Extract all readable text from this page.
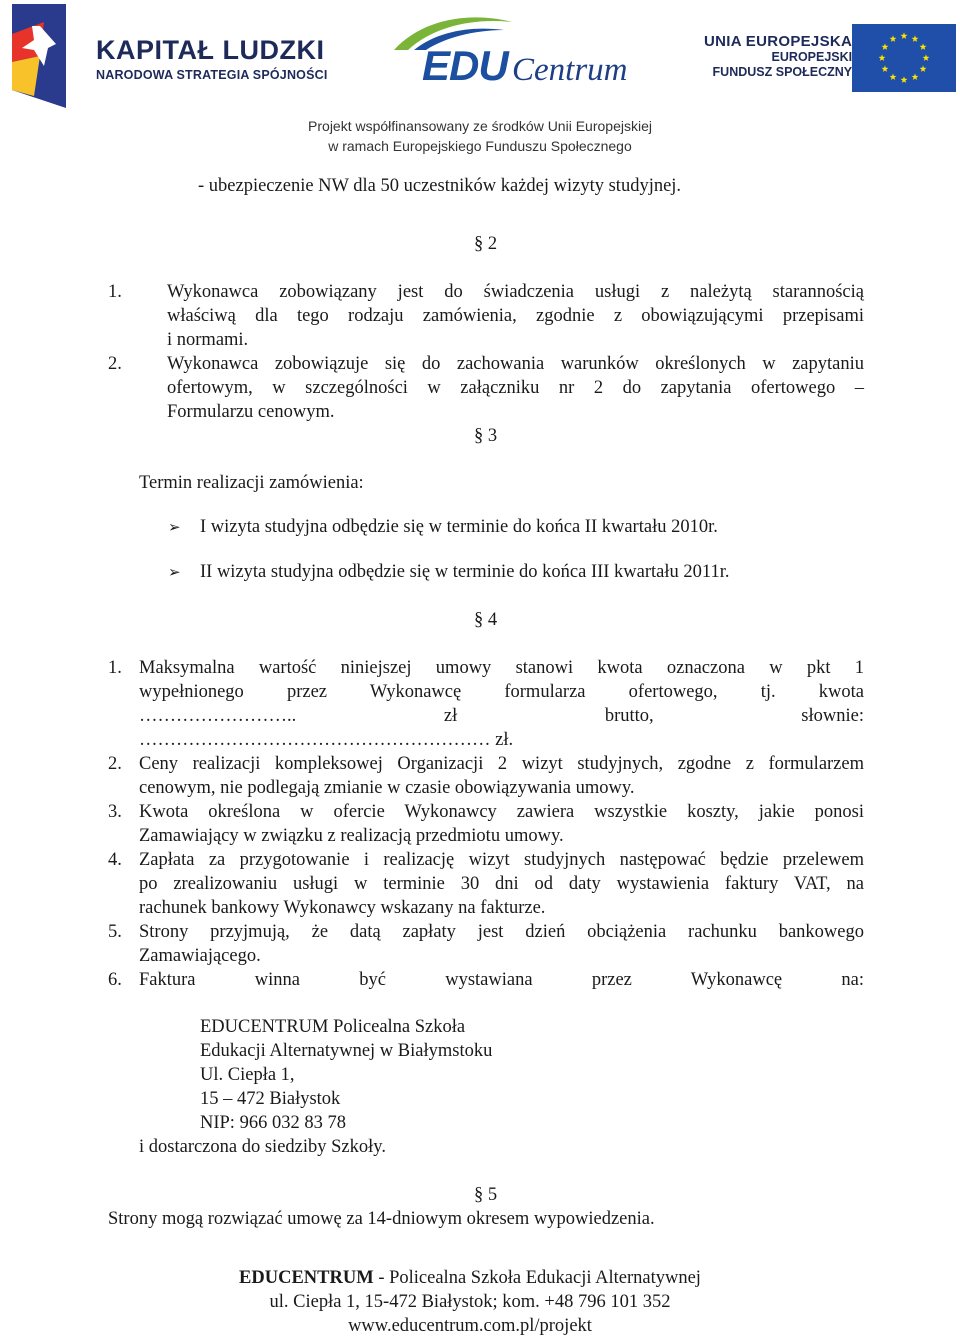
KAPITAŁ LUDZKI
NARODOWA STRATEGIA SPÓJNOŚCI EDU Centrum
UNIA EUROPEJSKA
EUROPEJSKI
FUNDUSZ SPOŁECZNY
Projekt współfinansowany ze środków Unii Europejskiej
w ramach Europejskiego Funduszu Społecznego
- ubezpieczenie NW dla 50 uczestników każdej wizyty studyjnej.
§ 2
1. Wykonawca zobowiązany jest do świadczenia usługi z należytą starannością
właściwą dla tego rodzaju zamówienia, zgodnie z obowiązującymi przepisami
i normami.
2. Wykonawca zobowiązuje się do zachowania warunków określonych w zapytaniu
ofertowym, w szczególności w załączniku nr 2 do zapytania ofertowego –
Formularzu cenowym.
§ 3
Termin realizacji zamówienia:
➢ I wizyta studyjna odbędzie się w terminie do końca II kwartału 2010r.
➢ II wizyta studyjna odbędzie się w terminie do końca III kwartału 2011r.
§ 4
1. Maksymalna wartość niniejszej umowy stanowi kwota oznaczona w pkt 1
wypełnionego przez Wykonawcę formularza ofertowego, tj. kwota
…………………….. zł brutto, słownie:
………………………………………………… zł.
2. Ceny realizacji kompleksowej Organizacji 2 wizyt studyjnych, zgodne z formularzem
cenowym, nie podlegają zmianie w czasie obowiązywania umowy.
3. Kwota określona w ofercie Wykonawcy zawiera wszystkie koszty, jakie ponosi
Zamawiający w związku z realizacją przedmiotu umowy.
4. Zapłata za przygotowanie i realizację wizyt studyjnych następować będzie przelewem
po zrealizowaniu usługi w terminie 30 dni od daty wystawienia faktury VAT, na
rachunek bankowy Wykonawcy wskazany na fakturze.
5. Strony przyjmują, że datą zapłaty jest dzień obciążenia rachunku bankowego
Zamawiającego.
6. Faktura winna być wystawiana przez Wykonawcę na:
EDUCENTRUM Policealna Szkoła
Edukacji Alternatywnej w Białymstoku
Ul. Ciepła 1,
15 – 472 Białystok
NIP: 966 032 83 78
i dostarczona do siedziby Szkoły.
§ 5
Strony mogą rozwiązać umowę za 14-dniowym okresem wypowiedzenia.
EDUCENTRUM - Policealna Szkoła Edukacji Alternatywnej
ul. Ciepła 1, 15-472 Białystok; kom. +48 796 101 352
www.educentrum.com.pl/projekt
